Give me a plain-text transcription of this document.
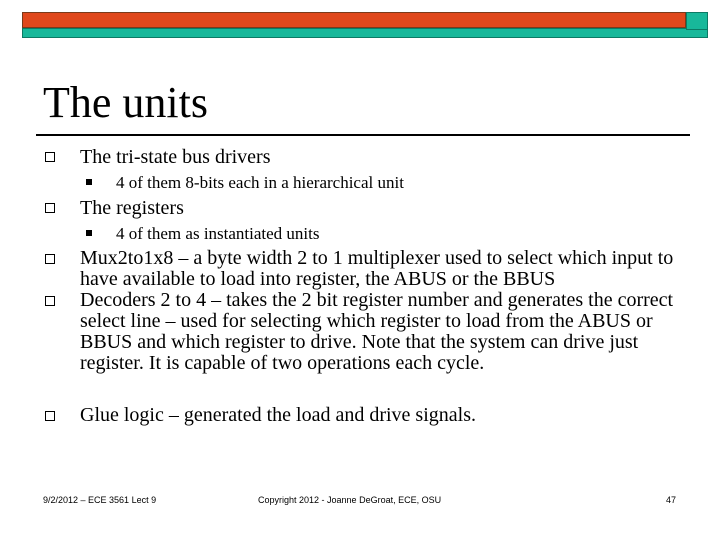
The units
The tri-state bus drivers
4 of them 8-bits each in a hierarchical unit
The registers
4 of them as instantiated units
Mux2to1x8 – a byte width 2 to 1 multiplexer used to select which input to have available to load into register, the ABUS or the BBUS
Decoders 2 to 4 – takes the 2 bit register number and generates the correct select line – used for selecting which register to load from the ABUS or BBUS and which register to drive. Note that the system can drive just register. It is capable of two operations each cycle.
Glue logic – generated the load and drive signals.
9/2/2012 – ECE 3561 Lect 9	Copyright 2012 - Joanne DeGroat, ECE, OSU	47
